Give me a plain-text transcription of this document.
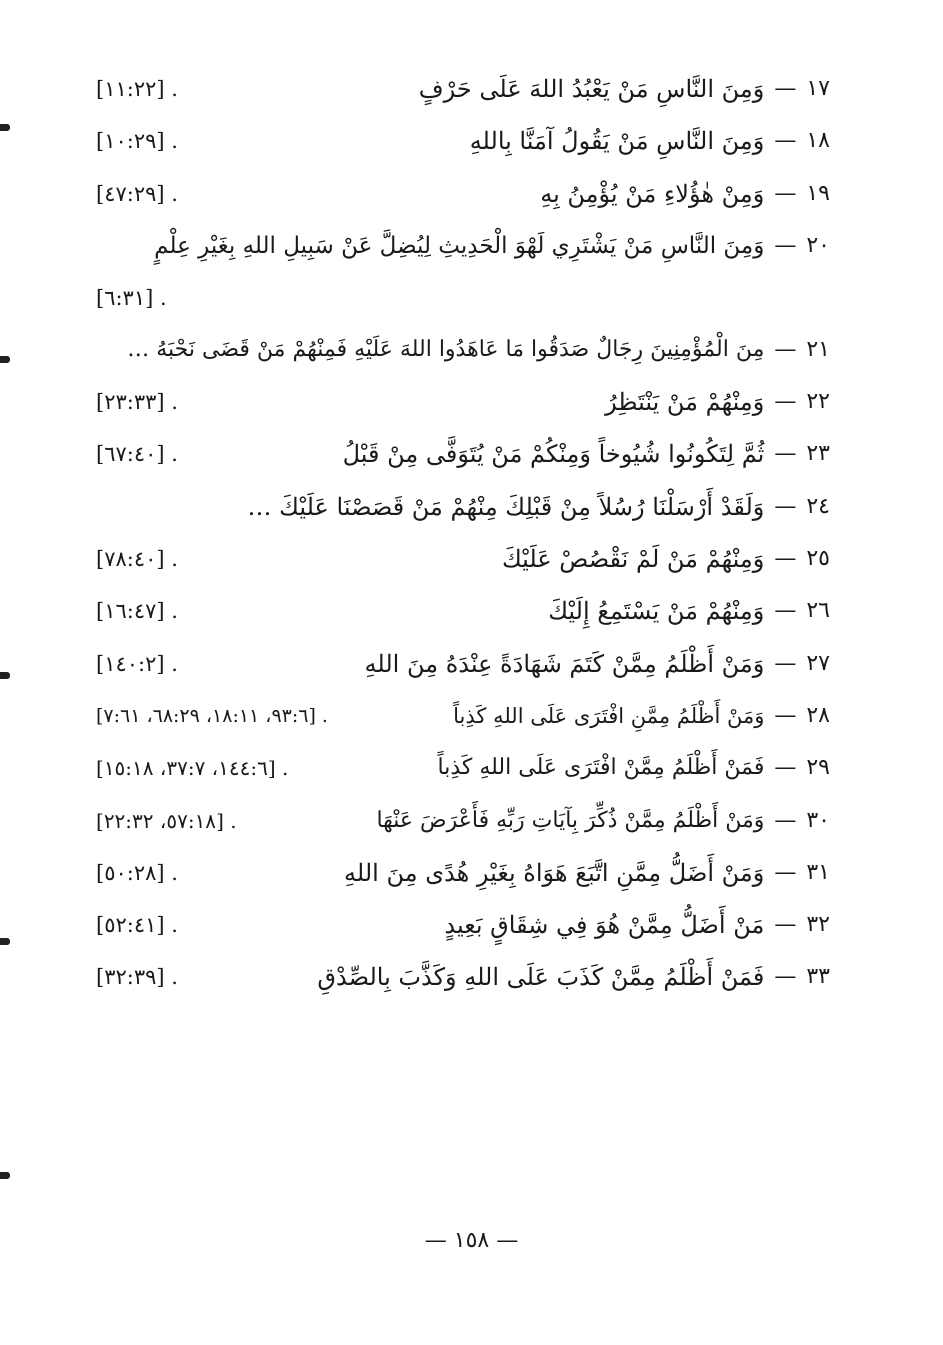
١٧
—
وَمِنَ النَّاسِ مَنْ يَعْبُدُ اللهَ عَلَى حَرْفٍ
[١١:٢٢] .
١٨
—
وَمِنَ النَّاسِ مَنْ يَقُولُ آمَنَّا بِاللهِ
[١٠:٢٩] .
١٩
—
وَمِنْ هٰؤُلاءِ مَنْ يُؤْمِنُ بِهِ
[٤٧:٢٩] .
٢٠
—
وَمِنَ النَّاسِ مَنْ يَشْتَرِي لَهْوَ الْحَدِيثِ لِيُضِلَّ عَنْ سَبِيلِ اللهِ بِغَيْرِ عِلْمٍ
[٦:٣١] .
٢١
—
مِنَ الْمُؤْمِنِينَ رِجَالٌ صَدَقُوا مَا عَاهَدُوا اللهَ عَلَيْهِ فَمِنْهُمْ مَنْ قَضَى نَحْبَهُ …
٢٢
—
وَمِنْهُمْ مَنْ يَنْتَظِرُ
[٢٣:٣٣] .
٢٣
—
ثُمَّ لِتَكُونُوا شُيُوخاً وَمِنْكُمْ مَنْ يُتَوَفَّى مِنْ قَبْلُ
[٦٧:٤٠] .
٢٤
—
وَلَقَدْ أَرْسَلْنَا رُسُلاً مِنْ قَبْلِكَ مِنْهُمْ مَنْ قَصَصْنَا عَلَيْكَ …
٢٥
—
وَمِنْهُمْ مَنْ لَمْ نَقْصُصْ عَلَيْكَ
[٧٨:٤٠] .
٢٦
—
وَمِنْهُمْ مَنْ يَسْتَمِعُ إِلَيْكَ
[١٦:٤٧] .
٢٧
—
وَمَنْ أَظْلَمُ مِمَّنْ كَتَمَ شَهَادَةً عِنْدَهُ مِنَ اللهِ
[١٤٠:٢] .
٢٨
—
وَمَنْ أَظْلَمُ مِمَّنِ افْتَرَى عَلَى اللهِ كَذِباً
[٩٣:٦، ١٨:١١، ٦٨:٢٩، ٧:٦١] .
٢٩
—
فَمَنْ أَظْلَمُ مِمَّنْ افْتَرَى عَلَى اللهِ كَذِباً
[١٤٤:٦، ٣٧:٧، ١٥:١٨] .
٣٠
—
وَمَنْ أَظْلَمُ مِمَّنْ ذُكِّرَ بِآيَاتِ رَبِّهِ فَأَعْرَضَ عَنْهَا
[٥٧:١٨، ٢٢:٣٢] .
٣١
—
وَمَنْ أَضَلُّ مِمَّنِ اتَّبَعَ هَوَاهُ بِغَيْرِ هُدًى مِنَ اللهِ
[٥٠:٢٨] .
٣٢
—
مَنْ أَضَلُّ مِمَّنْ هُوَ فِي شِقَاقٍ بَعِيدٍ
[٥٢:٤١] .
٣٣
—
فَمَنْ أَظْلَمُ مِمَّنْ كَذَبَ عَلَى اللهِ وَكَذَّبَ بِالصِّدْقِ
[٣٢:٣٩] .
— ١٥٨ —
